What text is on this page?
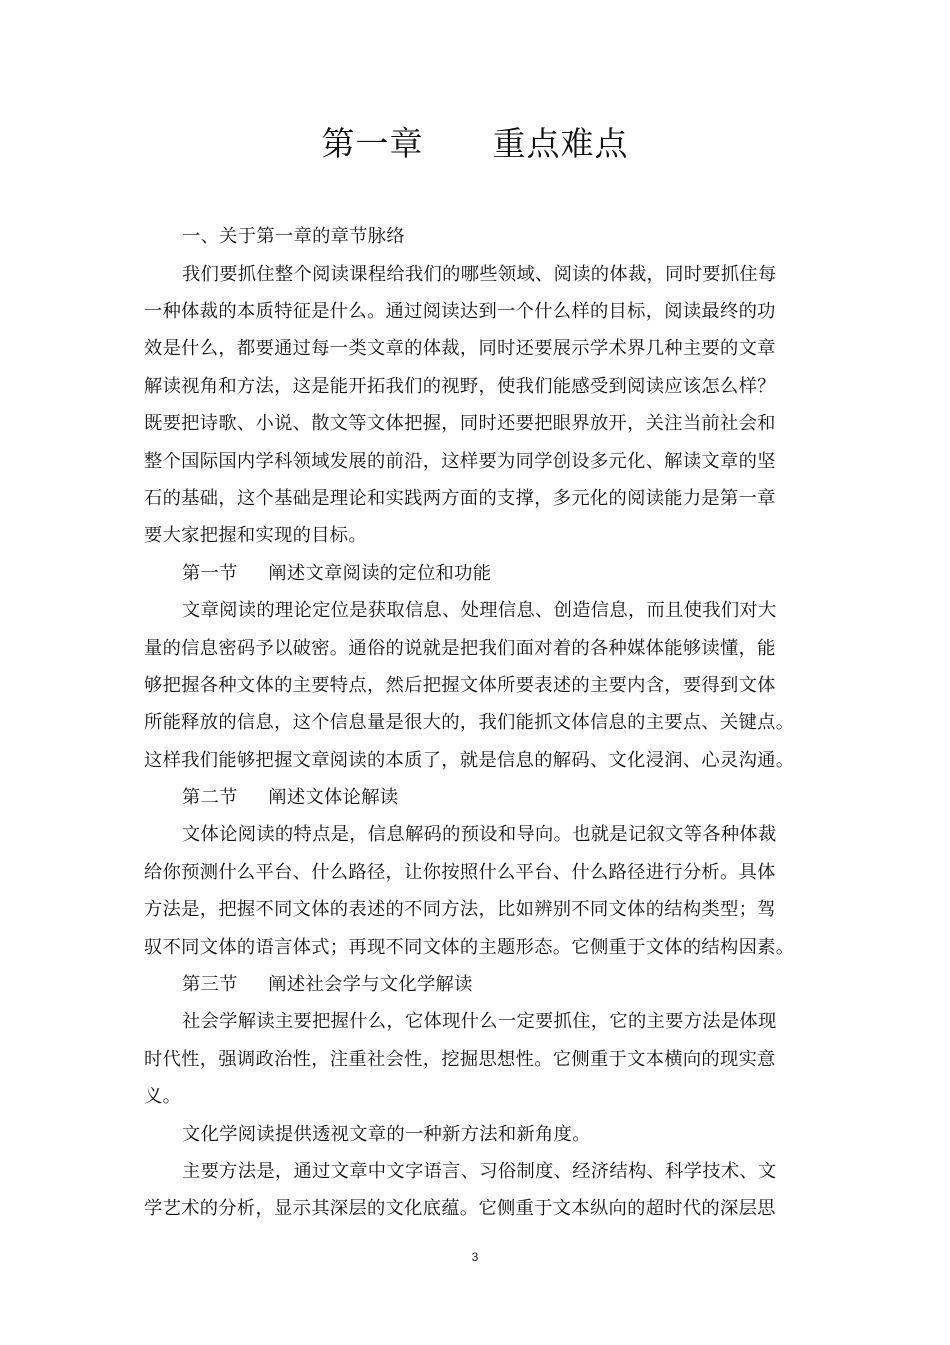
第一章      重点难点
一、关于第一章的章节脉络
我们要抓住整个阅读课程给我们的哪些领域、阅读的体裁，同时要抓住每
一种体裁的本质特征是什么。通过阅读达到一个什么样的目标，阅读最终的功
效是什么，都要通过每一类文章的体裁，同时还要展示学术界几种主要的文章
解读视角和方法，这是能开拓我们的视野，使我们能感受到阅读应该怎么样？
既要把诗歌、小说、散文等文体把握，同时还要把眼界放开，关注当前社会和
整个国际国内学科领域发展的前沿，这样要为同学创设多元化、解读文章的坚
石的基础，这个基础是理论和实践两方面的支撑，多元化的阅读能力是第一章
要大家把握和实现的目标。
第一节     阐述文章阅读的定位和功能
文章阅读的理论定位是获取信息、处理信息、创造信息，而且使我们对大
量的信息密码予以破密。通俗的说就是把我们面对着的各种媒体能够读懂，能
够把握各种文体的主要特点，然后把握文体所要表述的主要内含，要得到文体
所能释放的信息，这个信息量是很大的，我们能抓文体信息的主要点、关键点。
这样我们能够把握文章阅读的本质了，就是信息的解码、文化浸润、心灵沟通。
第二节     阐述文体论解读
文体论阅读的特点是，信息解码的预设和导向。也就是记叙文等各种体裁
给你预测什么平台、什么路径，让你按照什么平台、什么路径进行分析。具体
方法是，把握不同文体的表述的不同方法，比如辨别不同文体的结构类型；驾
驭不同文体的语言体式；再现不同文体的主题形态。它侧重于文体的结构因素。
第三节     阐述社会学与文化学解读
社会学解读主要把握什么，它体现什么一定要抓住，它的主要方法是体现
时代性，强调政治性，注重社会性，挖掘思想性。它侧重于文本横向的现实意
义。
文化学阅读提供透视文章的一种新方法和新角度。
主要方法是，通过文章中文字语言、习俗制度、经济结构、科学技术、文
学艺术的分析，显示其深层的文化底蕴。它侧重于文本纵向的超时代的深层思
3
